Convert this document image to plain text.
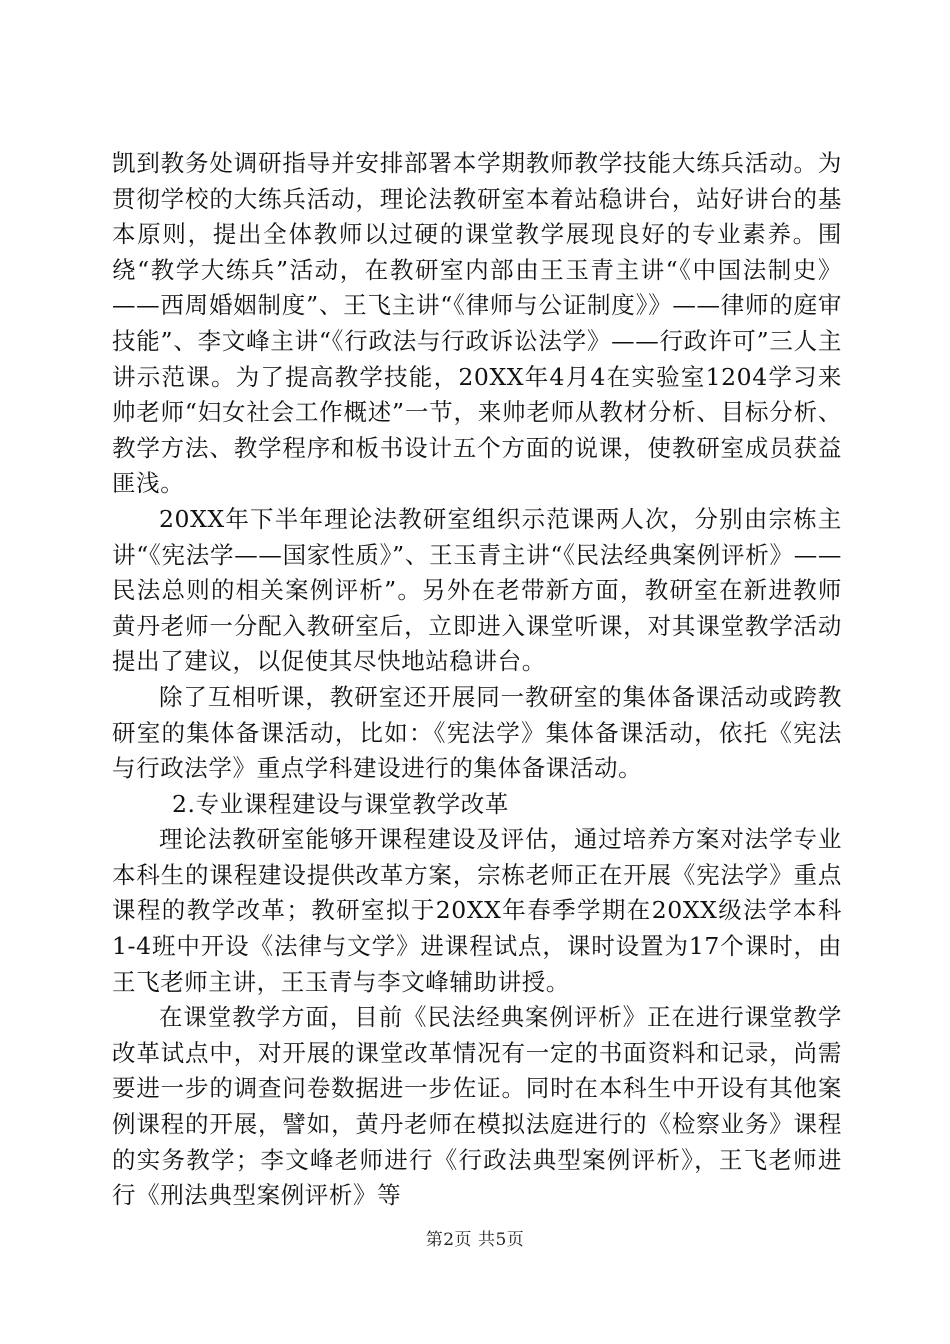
凯到教务处调研指导并安排部署本学期教师教学技能大练兵活动。为贯彻学校的大练兵活动，理论法教研室本着站稳讲台，站好讲台的基本原则，提出全体教师以过硬的课堂教学展现良好的专业素养。围绕“教学大练兵”活动，在教研室内部由王玉青主讲“《中国法制史》——西周婚姻制度”、王飞主讲“《律师与公证制度》》——律师的庭审技能”、李文峰主讲“《行政法与行政诉讼法学》——行政许可”三人主讲示范课。为了提高教学技能，20XX年4月4在实验室1204学习来帅老师“妇女社会工作概述”一节，来帅老师从教材分析、目标分析、教学方法、教学程序和板书设计五个方面的说课，使教研室成员获益匪浅。

20XX年下半年理论法教研室组织示范课两人次，分别由宗栋主讲“《宪法学——国家性质》”、王玉青主讲“《民法经典案例评析》——民法总则的相关案例评析”。另外在老带新方面，教研室在新进教师黄丹老师一分配入教研室后，立即进入课堂听课，对其课堂教学活动提出了建议，以促使其尽快地站稳讲台。

除了互相听课，教研室还开展同一教研室的集体备课活动或跨教研室的集体备课活动，比如：《宪法学》集体备课活动，依托《宪法与行政法学》重点学科建设进行的集体备课活动。

2.专业课程建设与课堂教学改革

理论法教研室能够开课程建设及评估，通过培养方案对法学专业本科生的课程建设提供改革方案，宗栋老师正在开展《宪法学》重点课程的教学改革；教研室拟于20XX年春季学期在20XX级法学本科1-4班中开设《法律与文学》进课程试点，课时设置为17个课时，由王飞老师主讲，王玉青与李文峰辅助讲授。

在课堂教学方面，目前《民法经典案例评析》正在进行课堂教学改革试点中，对开展的课堂改革情况有一定的书面资料和记录，尚需要进一步的调查问卷数据进一步佐证。同时在本科生中开设有其他案例课程的开展，譬如，黄丹老师在模拟法庭进行的《检察业务》课程的实务教学；李文峰老师进行《行政法典型案例评析》，王飞老师进行《刑法典型案例评析》等

第2页 共5页
